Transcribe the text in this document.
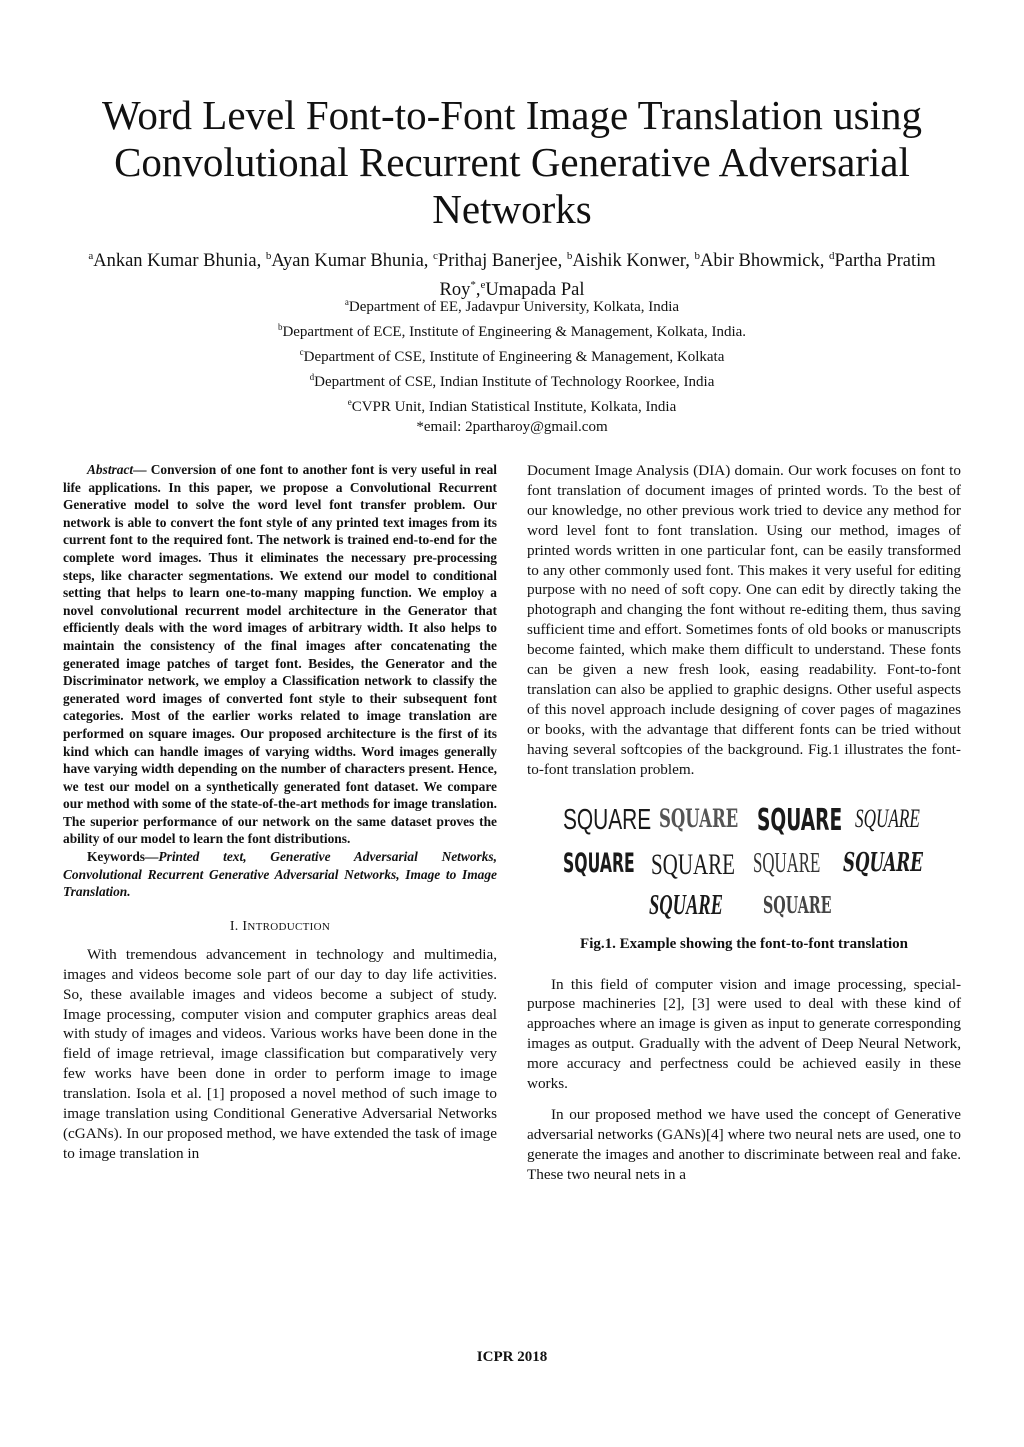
Word Level Font-to-Font Image Translation using Convolutional Recurrent Generative Adversarial Networks
$^a$Ankan Kumar Bhunia, $^b$Ayan Kumar Bhunia, $^c$Prithaj Banerjee, $^b$Aishik Konwer, $^b$Abir Bhowmick, $^d$Partha Pratim Roy*,$^e$Umapada Pal
$^a$Department of EE, Jadavpur University, Kolkata, India
$^b$Department of ECE, Institute of Engineering & Management, Kolkata, India.
$^c$Department of CSE, Institute of Engineering & Management, Kolkata
$^d$Department of CSE, Indian Institute of Technology Roorkee, India
$^e$CVPR Unit, Indian Statistical Institute, Kolkata, India
*email: 2partharoy@gmail.com

Abstract— Conversion of one font to another font is very useful in real life applications. In this paper, we propose a Convolutional Recurrent Generative model to solve the word level font transfer problem. Our network is able to convert the font style of any printed text images from its current font to the required font. The network is trained end-to-end for the complete word images. Thus it eliminates the necessary pre-processing steps, like character segmentations. We extend our model to conditional setting that helps to learn one-to-many mapping function. We employ a novel convolutional recurrent model architecture in the Generator that efficiently deals with the word images of arbitrary width. It also helps to maintain the consistency of the final images after concatenating the generated image patches of target font. Besides, the Generator and the Discriminator network, we employ a Classification network to classify the generated word images of converted font style to their subsequent font categories. Most of the earlier works related to image translation are performed on square images. Our proposed architecture is the first of its kind which can handle images of varying widths. Word images generally have varying width depending on the number of characters present. Hence, we test our model on a synthetically generated font dataset. We compare our method with some of the state-of-the-art methods for image translation. The superior performance of our network on the same dataset proves the ability of our model to learn the font distributions.

Keywords—Printed text, Generative Adversarial Networks, Convolutional Recurrent Generative Adversarial Networks, Image to Image Translation.

I. INTRODUCTION

With tremendous advancement in technology and multimedia, images and videos become sole part of our day to day life activities. So, these available images and videos become a subject of study. Image processing, computer vision and computer graphics areas deal with study of images and videos. Various works have been done in the field of image retrieval, image classification but comparatively very few works have been done in order to perform image to image translation. Isola et al. [1] proposed a novel method of such image to image translation using Conditional Generative Adversarial Networks (cGANs). In our proposed method, we have extended the task of image to image translation in

Document Image Analysis (DIA) domain. Our work focuses on font to font translation of document images of printed words. To the best of our knowledge, no other previous work tried to device any method for word level font to font translation. Using our method, images of printed words written in one particular font, can be easily transformed to any other commonly used font. This makes it very useful for editing purpose with no need of soft copy. One can edit by directly taking the photograph and changing the font without re-editing them, thus saving sufficient time and effort. Sometimes fonts of old books or manuscripts become fainted, which make them difficult to understand. These fonts can be given a new fresh look, easing readability. Font-to-font translation can also be applied to graphic designs. Other useful aspects of this novel approach include designing of cover pages of magazines or books, with the advantage that different fonts can be tried without having several softcopies of the background. Fig.1 illustrates the font-to-font translation problem.

SQUARE SQUARE SQUARE SQUARE
SQUARE SQUARE SQUARE SQUARE
SQUARE SQUARE
Fig.1. Example showing the font-to-font translation

In this field of computer vision and image processing, special-purpose machineries [2], [3] were used to deal with these kind of approaches where an image is given as input to generate corresponding images as output. Gradually with the advent of Deep Neural Network, more accuracy and perfectness could be achieved easily in these works.

In our proposed method we have used the concept of Generative adversarial networks (GANs)[4] where two neural nets are used, one to generate the images and another to discriminate between real and fake. These two neural nets in a

ICPR 2018
